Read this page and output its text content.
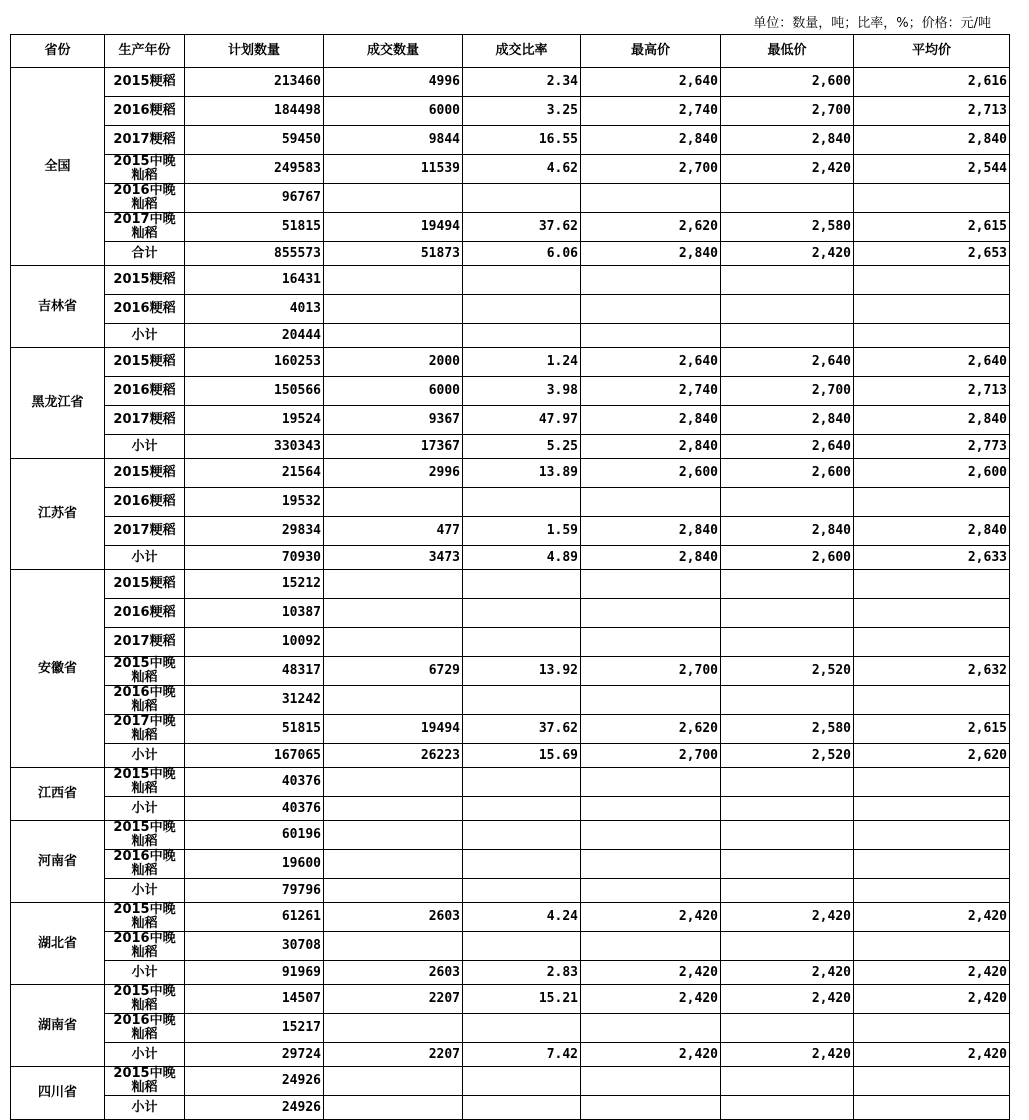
单位：数量，吨；比率，%；价格：元/吨
省份	生产年份	计划数量	成交数量	成交比率	最高价	最低价	平均价
全国	2015粳稻	213460	4996	2.34	2,640	2,600	2,616
	2016粳稻	184498	6000	3.25	2,740	2,700	2,713
	2017粳稻	59450	9844	16.55	2,840	2,840	2,840
	2015中晚籼稻	249583	11539	4.62	2,700	2,420	2,544
	2016中晚籼稻	96767					
	2017中晚籼稻	51815	19494	37.62	2,620	2,580	2,615
	合计	855573	51873	6.06	2,840	2,420	2,653
吉林省	2015粳稻	16431					
	2016粳稻	4013					
	小计	20444					
黑龙江省	2015粳稻	160253	2000	1.24	2,640	2,640	2,640
	2016粳稻	150566	6000	3.98	2,740	2,700	2,713
	2017粳稻	19524	9367	47.97	2,840	2,840	2,840
	小计	330343	17367	5.25	2,840	2,640	2,773
江苏省	2015粳稻	21564	2996	13.89	2,600	2,600	2,600
	2016粳稻	19532					
	2017粳稻	29834	477	1.59	2,840	2,840	2,840
	小计	70930	3473	4.89	2,840	2,600	2,633
安徽省	2015粳稻	15212					
	2016粳稻	10387					
	2017粳稻	10092					
	2015中晚籼稻	48317	6729	13.92	2,700	2,520	2,632
	2016中晚籼稻	31242					
	2017中晚籼稻	51815	19494	37.62	2,620	2,580	2,615
	小计	167065	26223	15.69	2,700	2,520	2,620
江西省	2015中晚籼稻	40376					
	小计	40376					
河南省	2015中晚籼稻	60196					
	2016中晚籼稻	19600					
	小计	79796					
湖北省	2015中晚籼稻	61261	2603	4.24	2,420	2,420	2,420
	2016中晚籼稻	30708					
	小计	91969	2603	2.83	2,420	2,420	2,420
湖南省	2015中晚籼稻	14507	2207	15.21	2,420	2,420	2,420
	2016中晚籼稻	15217					
	小计	29724	2207	7.42	2,420	2,420	2,420
四川省	2015中晚籼稻	24926					
	小计	24926					
